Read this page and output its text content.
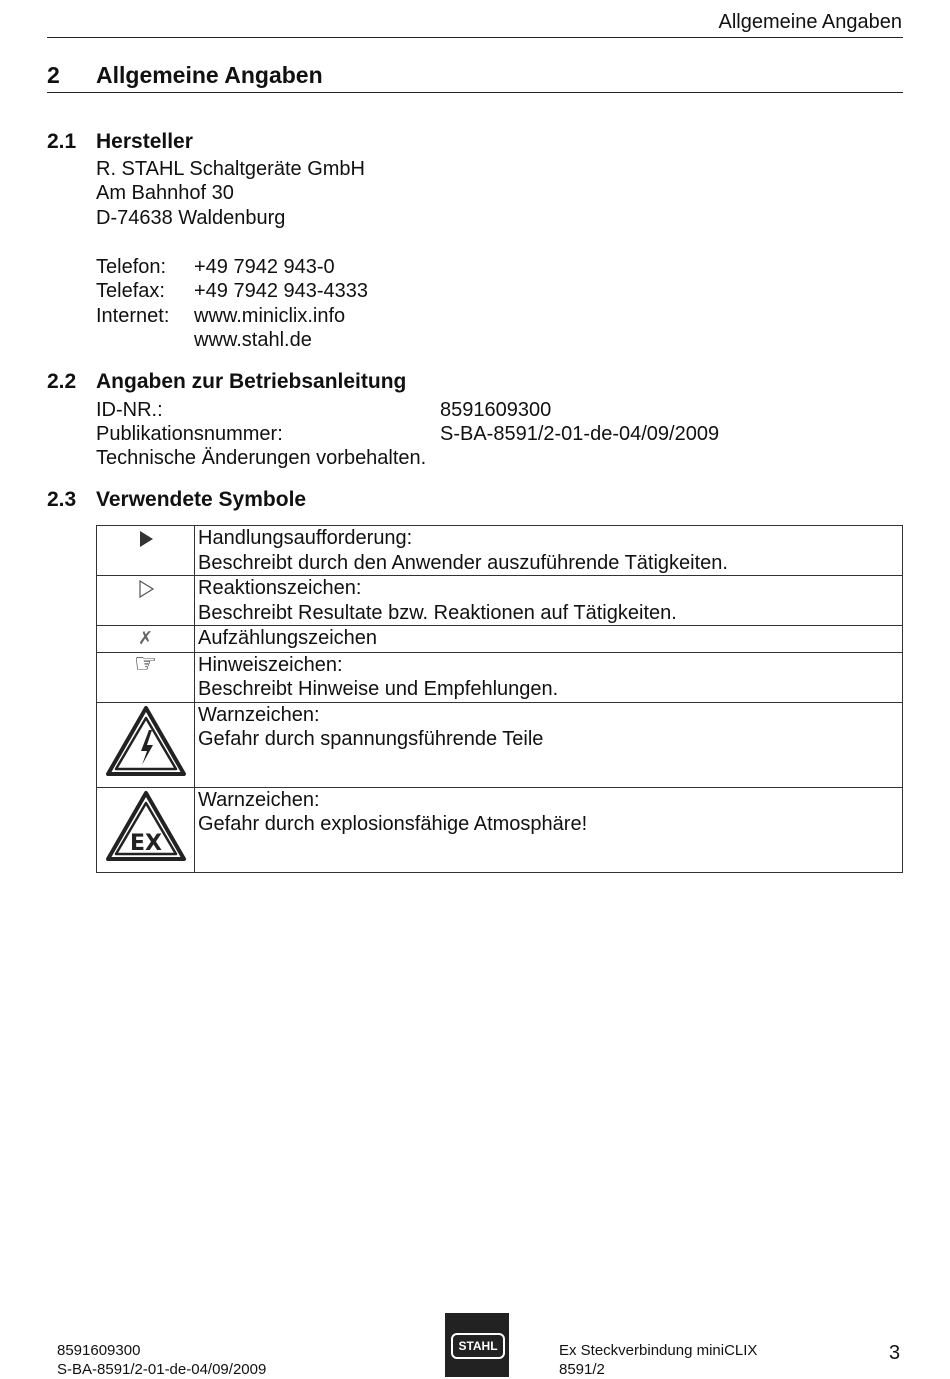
Allgemeine Angaben
2 Allgemeine Angaben
2.1 Hersteller
R. STAHL Schaltgeräte GmbH
Am Bahnhof 30
D-74638 Waldenburg
Telefon: +49 7942 943-0
Telefax: +49 7942 943-4333
Internet: www.miniclix.info
www.stahl.de
2.2 Angaben zur Betriebsanleitung
ID-NR.:	8591609300
Publikationsnummer:	S-BA-8591/2-01-de-04/09/2009
Technische Änderungen vorbehalten.
2.3 Verwendete Symbole

Handlungsaufforderung:
Beschreibt durch den Anwender auszuführende Tätigkeiten.

Reaktionszeichen:
Beschreibt Resultate bzw. Reaktionen auf Tätigkeiten.

✗	Aufzählungszeichen

☞	Hinweiszeichen:
Beschreibt Hinweise und Empfehlungen.

Warnzeichen:
Gefahr durch spannungsführende Teile

EX	Warnzeichen:
Gefahr durch explosionsfähige Atmosphäre!
8591609300
S-BA-8591/2-01-de-04/09/2009
STAHL	Ex Steckverbindung miniCLIX
8591/2
3
